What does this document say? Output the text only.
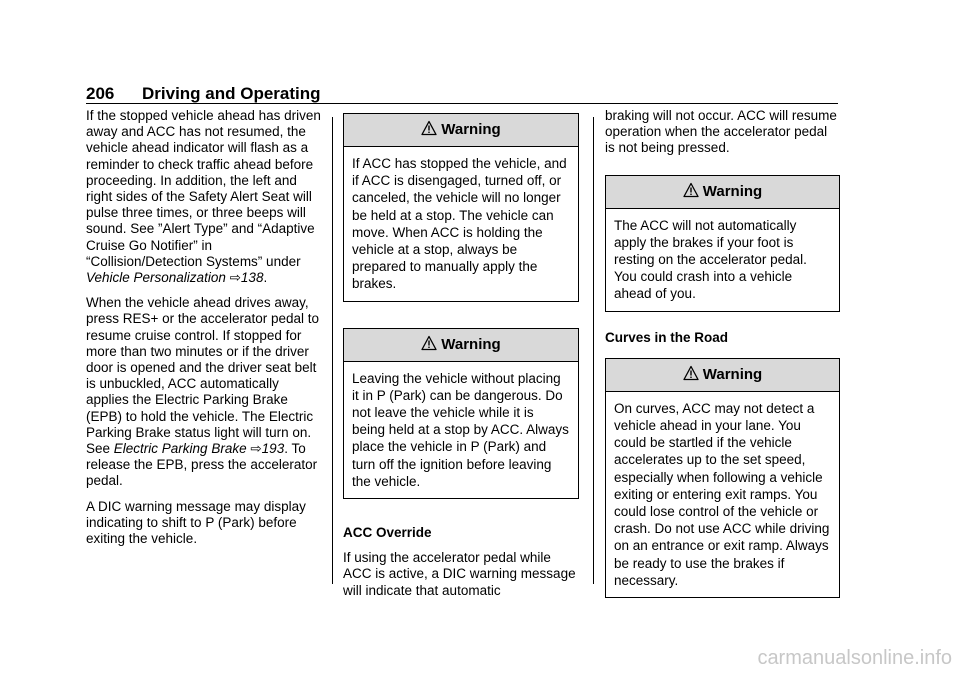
206 Driving and Operating

If the stopped vehicle ahead has driven away and ACC has not resumed, the vehicle ahead indicator will flash as a reminder to check traffic ahead before proceeding. In addition, the left and right sides of the Safety Alert Seat will pulse three times, or three beeps will sound. See ”Alert Type” and “Adaptive Cruise Go Notifier” in “Collision/Detection Systems” under Vehicle Personalization ⇨138.

When the vehicle ahead drives away, press RES+ or the accelerator pedal to resume cruise control. If stopped for more than two minutes or if the driver door is opened and the driver seat belt is unbuckled, ACC automatically applies the Electric Parking Brake (EPB) to hold the vehicle. The Electric Parking Brake status light will turn on. See Electric Parking Brake ⇨193. To release the EPB, press the accelerator pedal.

A DIC warning message may display indicating to shift to P (Park) before exiting the vehicle.

Warning
If ACC has stopped the vehicle, and if ACC is disengaged, turned off, or canceled, the vehicle will no longer be held at a stop. The vehicle can move. When ACC is holding the vehicle at a stop, always be prepared to manually apply the brakes.
Warning
Leaving the vehicle without placing it in P (Park) can be dangerous. Do not leave the vehicle while it is being held at a stop by ACC. Always place the vehicle in P (Park) and turn off the ignition before leaving the vehicle.

ACC Override

If using the accelerator pedal while ACC is active, a DIC warning message will indicate that automatic

braking will not occur. ACC will resume operation when the accelerator pedal is not being pressed.

Warning
The ACC will not automatically apply the brakes if your foot is resting on the accelerator pedal. You could crash into a vehicle ahead of you.

Curves in the Road

Warning
On curves, ACC may not detect a vehicle ahead in your lane. You could be startled if the vehicle accelerates up to the set speed, especially when following a vehicle exiting or entering exit ramps. You could lose control of the vehicle or crash. Do not use ACC while driving on an entrance or exit ramp. Always be ready to use the brakes if necessary.
carmanualsonline.info
